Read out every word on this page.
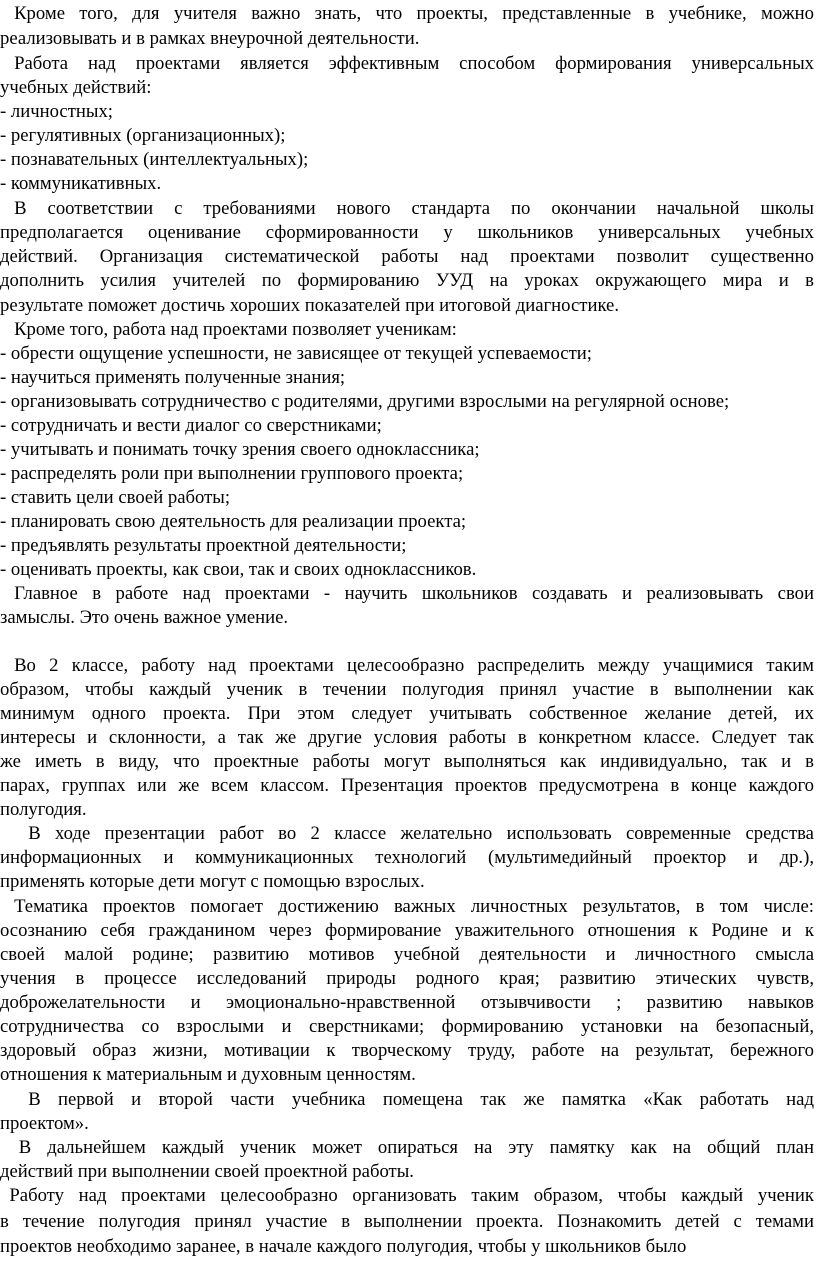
Кроме того, для учителя важно знать, что проекты, представленные в учебнике, можно
реализовывать и в рамках внеурочной деятельности.
Работа над проектами является эффективным способом формирования универсальных
учебных действий:
- личностных;
- регулятивных (организационных);
- познавательных (интеллектуальных);
- коммуникативных.
В соответствии с требованиями нового стандарта по окончании начальной школы
предполагается оценивание сформированности у школьников универсальных учебных
действий. Организация систематической работы над проектами позволит существенно
дополнить усилия учителей по формированию УУД на уроках окружающего мира и в
результате поможет достичь хороших показателей при итоговой диагностике.
Кроме того, работа над проектами позволяет ученикам:
- обрести ощущение успешности, не зависящее от текущей успеваемости;
- научиться применять полученные знания;
- организовывать сотрудничество с родителями, другими взрослыми на регулярной основе;
- сотрудничать и вести диалог со сверстниками;
- учитывать и понимать точку зрения своего одноклассника;
- распределять роли при выполнении группового проекта;
- ставить цели своей работы;
- планировать свою деятельность для реализации проекта;
- предъявлять результаты проектной деятельности;
- оценивать проекты, как свои, так и своих одноклассников.
Главное в работе над проектами - научить школьников создавать и реализовывать свои
замыслы. Это очень важное умение.
Во 2 классе, работу над проектами целесообразно распределить между учащимися таким
образом, чтобы каждый ученик в течении полугодия принял участие в выполнении как
минимум одного проекта. При этом следует учитывать собственное желание детей, их
интересы и склонности, а так же другие условия работы в конкретном классе. Следует так
же иметь в виду, что проектные работы могут выполняться как индивидуально, так и в
парах, группах или же всем классом. Презентация проектов предусмотрена в конце каждого
полугодия.
В ходе презентации работ во 2 классе желательно использовать современные средства
информационных и коммуникационных технологий (мультимедийный проектор и др.),
применять которые дети могут с помощью взрослых.
Тематика проектов помогает достижению важных личностных результатов, в том числе:
осознанию себя гражданином через формирование уважительного отношения к Родине и к
своей малой родине; развитию мотивов учебной деятельности и личностного смысла
учения в процессе исследований природы родного края; развитию этических чувств,
доброжелательности и эмоционально-нравственной отзывчивости ; развитию навыков
сотрудничества со взрослыми и сверстниками; формированию установки на безопасный,
здоровый образ жизни, мотивации к творческому труду, работе на результат, бережного
отношения к материальным и духовным ценностям.
В первой и второй части учебника помещена так же памятка «Как работать над
проектом».
В дальнейшем каждый ученик может опираться на эту памятку как на общий план
действий при выполнении своей проектной работы.
Работу над проектами целесообразно организовать таким образом, чтобы каждый ученик
в течение полугодия принял участие в выполнении проекта. Познакомить детей с темами
проектов необходимо заранее, в начале каждого полугодия, чтобы у школьников было
